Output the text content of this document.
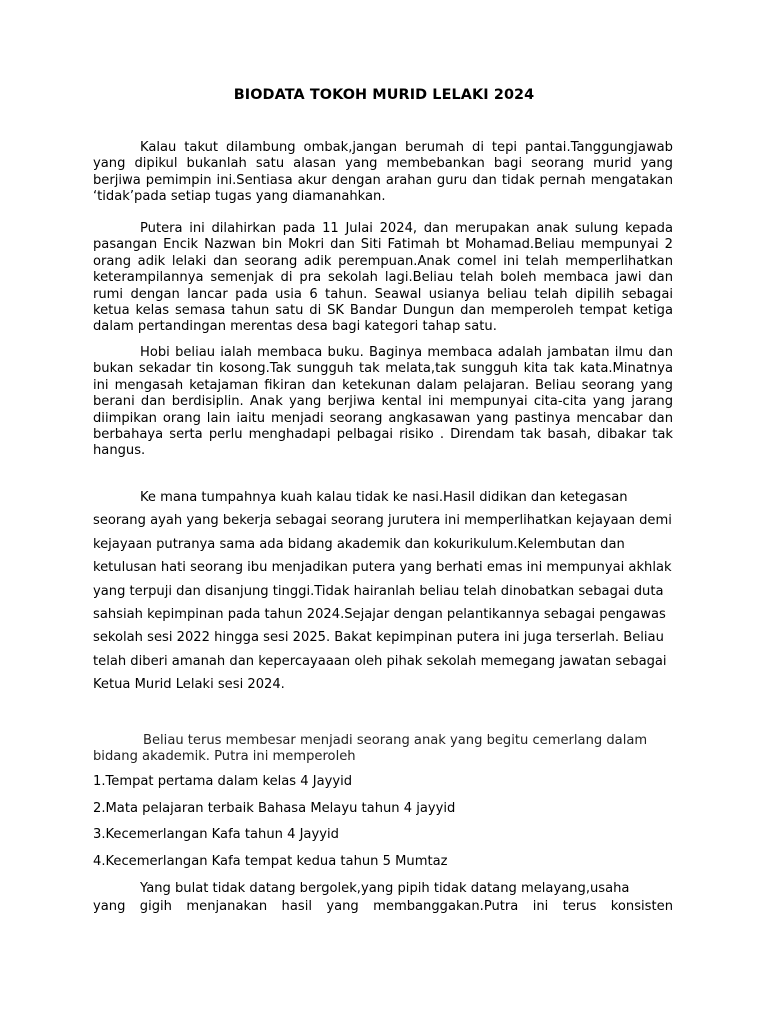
BIODATA TOKOH MURID LELAKI 2024

Kalau takut dilambung ombak,jangan berumah di tepi pantai.Tanggungjawab yang dipikul bukanlah satu alasan yang membebankan bagi seorang murid yang berjiwa pemimpin ini.Sentiasa akur dengan arahan guru dan tidak pernah mengatakan ‘tidak’pada setiap tugas yang diamanahkan.

Putera ini dilahirkan pada 11 Julai 2024, dan merupakan anak sulung kepada pasangan Encik Nazwan bin Mokri dan Siti Fatimah bt Mohamad.Beliau mempunyai 2 orang adik lelaki dan seorang adik perempuan.Anak comel ini telah memperlihatkan keterampilannya semenjak di pra sekolah lagi.Beliau telah boleh membaca jawi dan rumi dengan lancar pada usia 6 tahun. Seawal usianya beliau telah dipilih sebagai ketua kelas semasa tahun satu di SK Bandar Dungun dan memperoleh tempat ketiga dalam pertandingan merentas desa bagi kategori tahap satu.

Hobi beliau ialah membaca buku. Baginya membaca adalah jambatan ilmu dan bukan sekadar tin kosong.Tak sungguh tak melata,tak sungguh kita tak kata.Minatnya ini mengasah ketajaman fikiran dan ketekunan dalam pelajaran. Beliau seorang yang berani dan berdisiplin. Anak yang berjiwa kental ini mempunyai cita-cita yang jarang diimpikan orang lain iaitu menjadi seorang angkasawan yang pastinya mencabar dan berbahaya serta perlu menghadapi pelbagai risiko . Direndam tak basah, dibakar tak hangus.

Ke mana tumpahnya kuah kalau tidak ke nasi.Hasil didikan dan ketegasan seorang ayah yang bekerja sebagai seorang jurutera ini memperlihatkan kejayaan demi kejayaan putranya sama ada bidang akademik dan kokurikulum.Kelembutan dan ketulusan hati seorang ibu menjadikan putera yang berhati emas ini mempunyai akhlak yang terpuji dan disanjung tinggi.Tidak hairanlah beliau telah dinobatkan sebagai duta sahsiah kepimpinan pada tahun 2024.Sejajar dengan pelantikannya sebagai pengawas sekolah sesi 2022 hingga sesi 2025. Bakat kepimpinan putera ini juga terserlah. Beliau telah diberi amanah dan kepercayaaan oleh pihak sekolah memegang jawatan sebagai Ketua Murid Lelaki sesi 2024.

Beliau terus membesar menjadi seorang anak yang begitu cemerlang dalam bidang akademik. Putra ini memperoleh

1.Tempat pertama dalam kelas 4 Jayyid
2.Mata pelajaran terbaik Bahasa Melayu tahun 4 jayyid
3.Kecemerlangan Kafa tahun 4 Jayyid
4.Kecemerlangan Kafa tempat kedua tahun 5 Mumtaz
Yang bulat tidak datang bergolek,yang pipih tidak datang melayang,usaha
yang gigih menjanakan hasil yang membanggakan.Putra ini terus konsisten
